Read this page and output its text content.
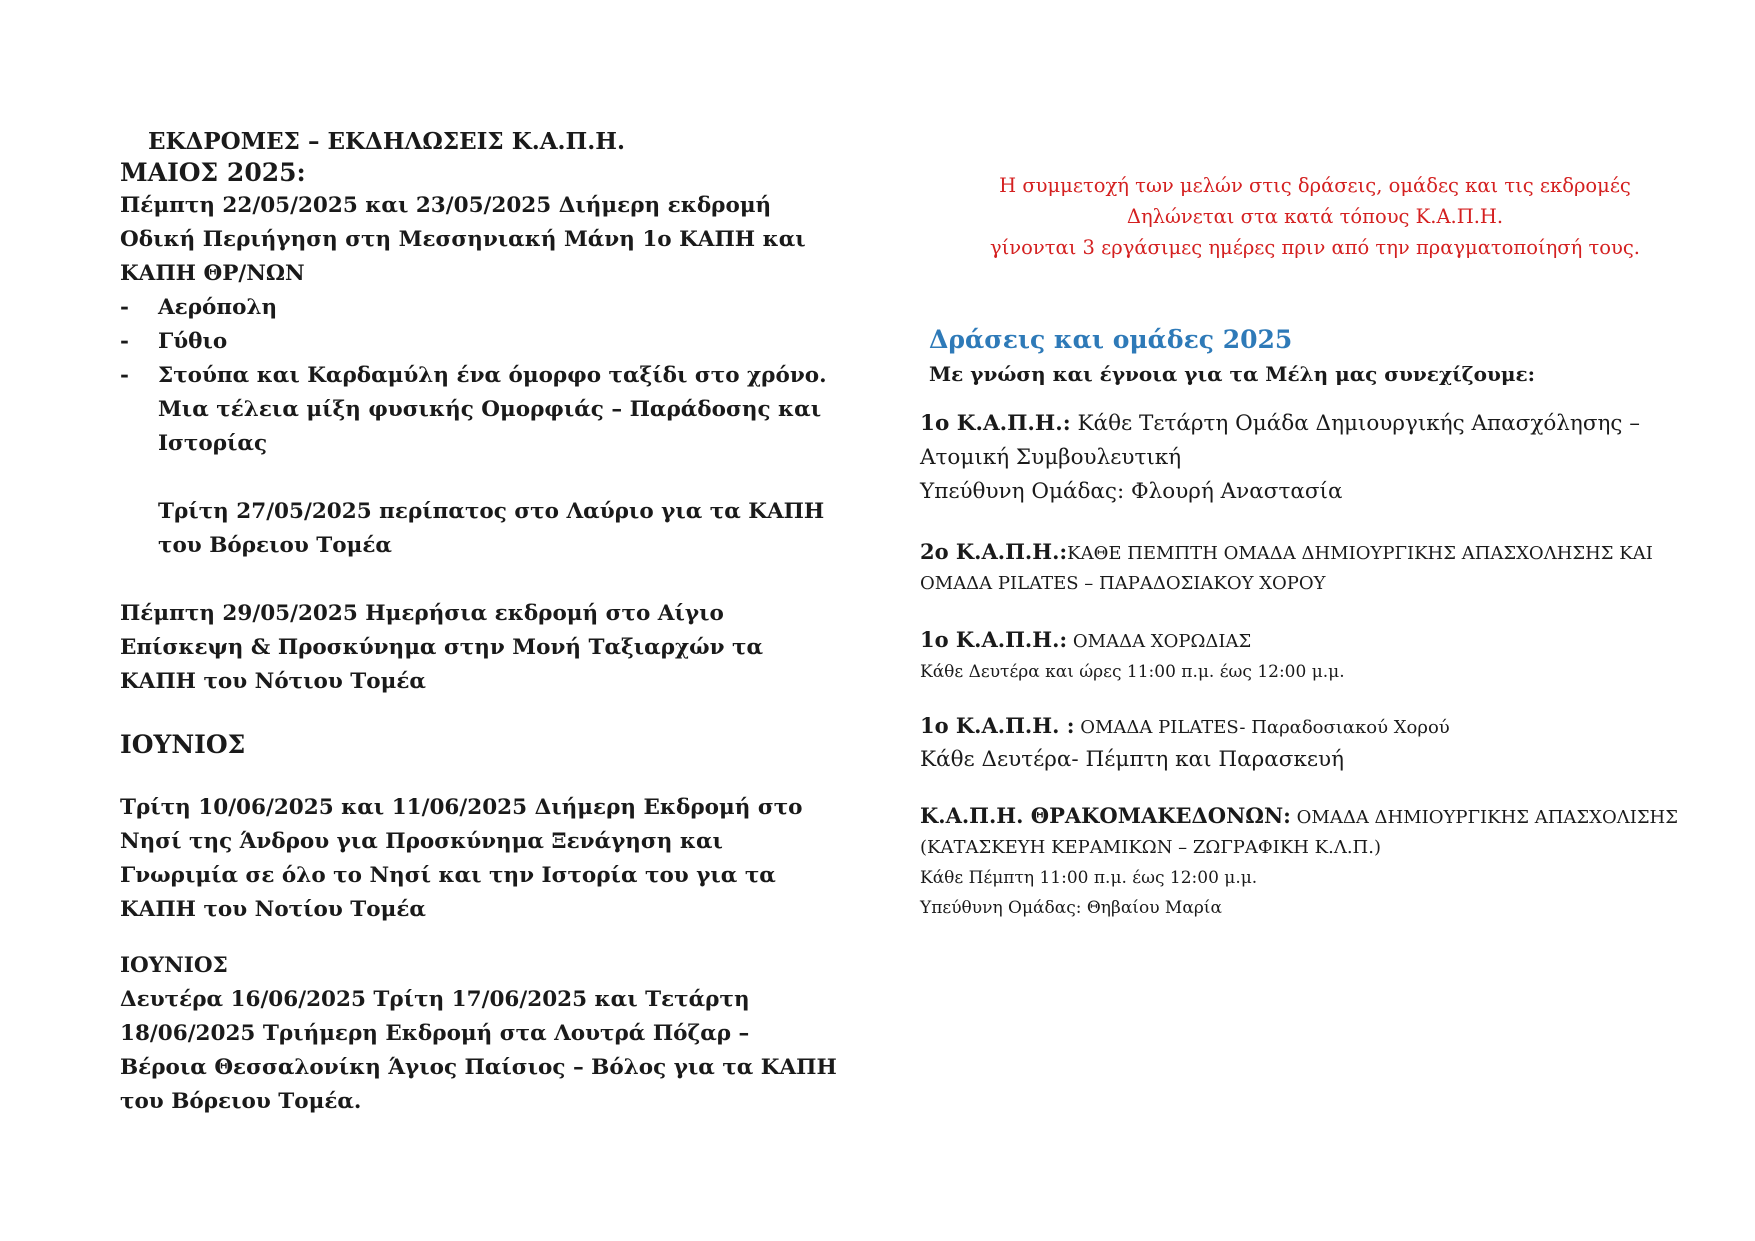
ΕΚΔΡΟΜΕΣ – ΕΚΔΗΛΩΣΕΙΣ Κ.Α.Π.Η.

ΜΑΙΟΣ 2025:

Πέμπτη 22/05/2025 και 23/05/2025 Διήμερη εκδρομή Οδική Περιήγηση στη Μεσσηνιακή Μάνη 1ο ΚΑΠΗ και ΚΑΠΗ ΘΡ/ΝΩΝ

- Αερόπολη
- Γύθιο
- Στούπα και Καρδαμύλη ένα όμορφο ταξίδι στο χρόνο. Μια τέλεια μίξη φυσικής Ομορφιάς – Παράδοσης και Ιστορίας

Τρίτη 27/05/2025 περίπατος στο Λαύριο για τα ΚΑΠΗ του Βόρειου Τομέα

Πέμπτη 29/05/2025 Ημερήσια εκδρομή στο Αίγιο Επίσκεψη & Προσκύνημα στην Μονή Ταξιαρχών τα ΚΑΠΗ του Νότιου Τομέα

ΙΟΥΝΙΟΣ

Τρίτη 10/06/2025 και 11/06/2025 Διήμερη Εκδρομή στο Νησί της Άνδρου για Προσκύνημα Ξενάγηση και Γνωριμία σε όλο το Νησί και την Ιστορία του για τα ΚΑΠΗ του Νοτίου Τομέα

ΙΟΥΝΙΟΣ

Δευτέρα 16/06/2025 Τρίτη 17/06/2025 και Τετάρτη 18/06/2025 Τριήμερη Εκδρομή στα Λουτρά Πόζαρ – Βέροια Θεσσαλονίκη Άγιος Παίσιος – Βόλος για τα ΚΑΠΗ του Βόρειου Τομέα.

Η συμμετοχή των μελών στις δράσεις, ομάδες και τις εκδρομές
Δηλώνεται στα κατά τόπους Κ.Α.Π.Η.
γίνονται 3 εργάσιμες ημέρες πριν από την πραγματοποίησή τους.

Δράσεις και ομάδες 2025

Με γνώση και έγνοια για τα Μέλη μας συνεχίζουμε:

1ο Κ.Α.Π.Η.: Κάθε Τετάρτη Ομάδα Δημιουργικής Απασχόλησης – Ατομική Συμβουλευτική

Υπεύθυνη Ομάδας: Φλουρή Αναστασία

2ο Κ.Α.Π.Η.:ΚΑΘΕ ΠΕΜΠΤΗ ΟΜΑΔΑ ΔΗΜΙΟΥΡΓΙΚΗΣ ΑΠΑΣΧΟΛΗΣΗΣ ΚΑΙ ΟΜΑΔΑ PILATES – ΠΑΡΑΔΟΣΙΑΚΟΥ ΧΟΡΟΥ

1ο Κ.Α.Π.Η.: ΟΜΑΔΑ ΧΟΡΩΔΙΑΣ

Κάθε Δευτέρα και ώρες 11:00 π.μ. έως 12:00 μ.μ.

1ο Κ.Α.Π.Η. : ΟΜΑΔΑ PILATES- Παραδοσιακού Χορού

Κάθε Δευτέρα- Πέμπτη και Παρασκευή

Κ.Α.Π.Η. ΘΡΑΚΟΜΑΚΕΔΟΝΩΝ: ΟΜΑΔΑ ΔΗΜΙΟΥΡΓΙΚΗΣ ΑΠΑΣΧΟΛΙΣΗΣ (ΚΑΤΑΣΚΕΥΗ ΚΕΡΑΜΙΚΩΝ – ΖΩΓΡΑΦΙΚΗ Κ.Λ.Π.)

Κάθε Πέμπτη 11:00 π.μ. έως 12:00 μ.μ.

Υπεύθυνη Ομάδας: Θηβαίου Μαρία
